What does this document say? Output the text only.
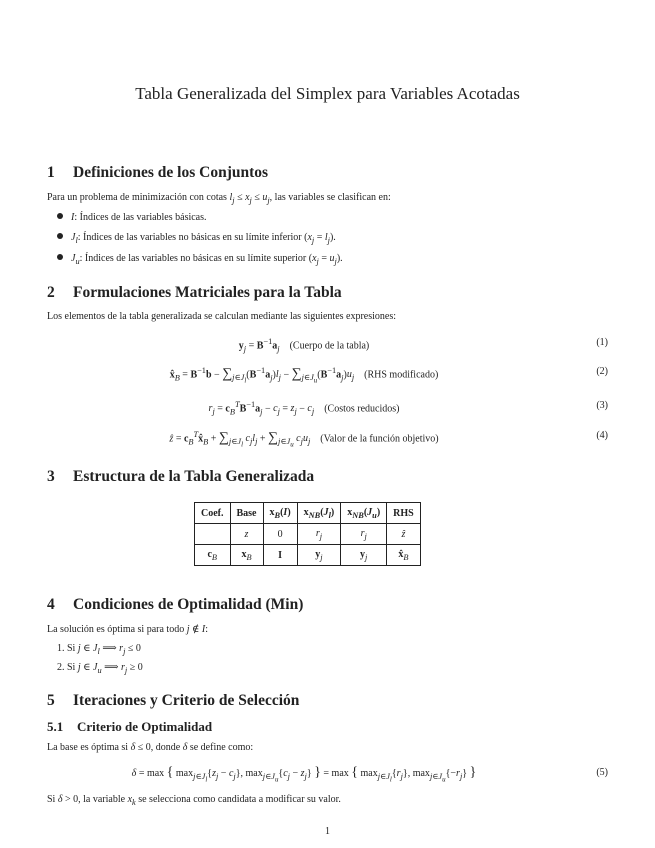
Tabla Generalizada del Simplex para Variables Acotadas
1 Definiciones de los Conjuntos
Para un problema de minimización con cotas $l_j \le x_j \le u_j$, las variables se clasifican en:
I: Índices de las variables básicas.
$J_l$: Índices de las variables no básicas en su límite inferior $(x_j = l_j)$.
$J_u$: Índices de las variables no básicas en su límite superior $(x_j = u_j)$.
2 Formulaciones Matriciales para la Tabla
Los elementos de la tabla generalizada se calculan mediante las siguientes expresiones:
$y_j = B^{-1}a_j$    (Cuerpo de la tabla)	(1)
$x̂_B = B^{-1}b - \sum_{j\in J_l}(B^{-1}a_j)l_j - \sum_{j\in J_u}(B^{-1}a_j)u_j$    (RHS modificado)	(2)
$r_j = c_B^TB^{-1}a_j - c_j = z_j - c_j$    (Costos reducidos)	(3)
ẑ = $c_B^Tx̂_B + \sum_{j\in J_l}$ $c_jl_j + \sum_{j\in J_u}$ $c_ju_j$    (Valor de la función objetivo)	(4)
3 Estructura de la Tabla Generalizada
Coef.	Base	$x_B(I)$	$x_{NB}(J_l)$	$x_{NB}(J_u)$	RHS
	z	0	$r_j$	$r_j$	ẑ
$c_B$	$x_B$	I	$y_j$	$y_j$	$x̂_B$
4 Condiciones de Optimalidad (Min)
La solución es óptima si para todo j ∉ I:
1. Si j ∈ $J_l$ ⟹ $r_j \le 0$
2. Si j ∈ $J_u$ ⟹ $r_j \ge 0$
5 Iteraciones y Criterio de Selección
5.1 Criterio de Optimalidad
La base es óptima si δ ≤ 0, donde δ se define como:
δ = max { $\max_{j\in J_l}\{z_j - c_j\}$, $\max_{j\in J_u}\{c_j - z_j\}$ } = max { $\max_{j\in J_l}\{r_j\}$, $\max_{j\in J_u}\{-r_j\}$ }	(5)
Si δ > 0, la variable $x_k$ se selecciona como candidata a modificar su valor.
1
